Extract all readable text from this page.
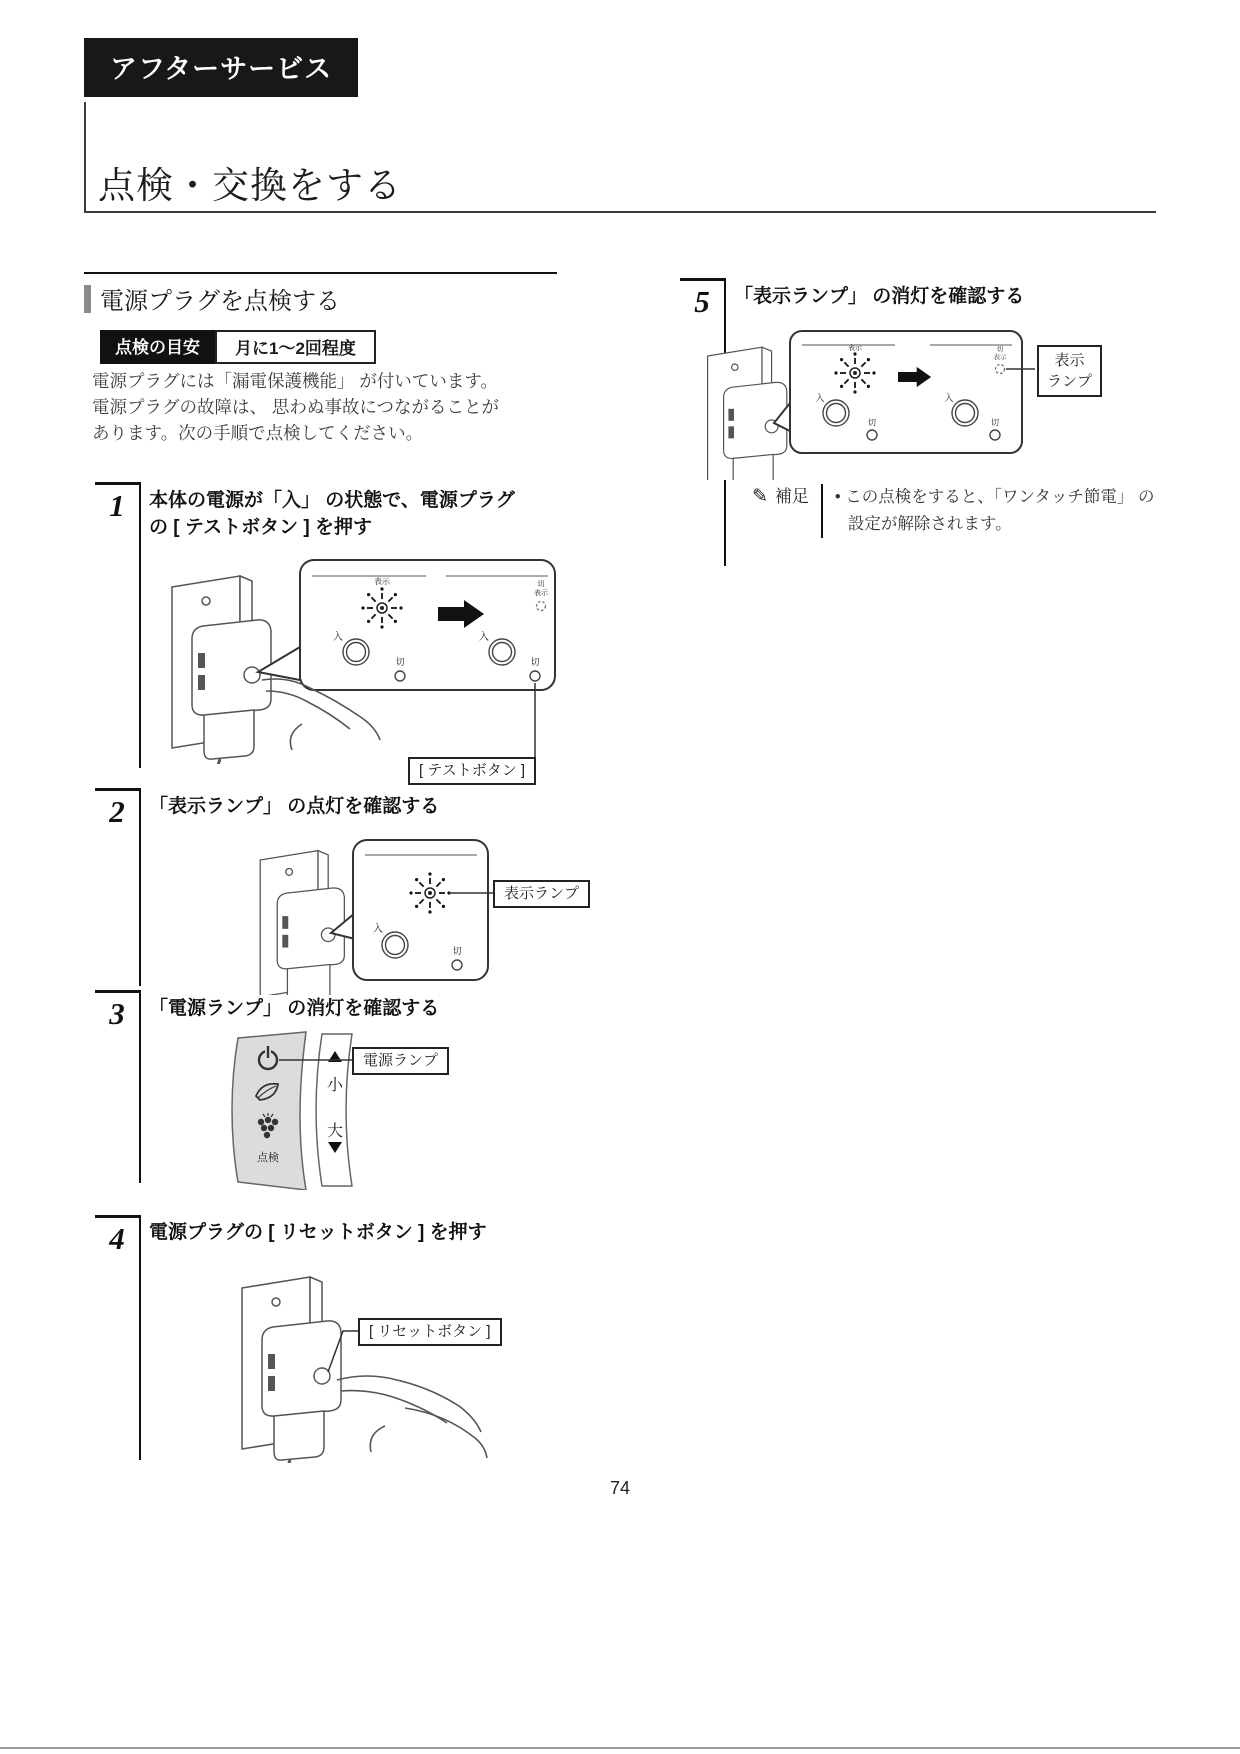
アフターサービス
点検・交換をする
電源プラグを点検する
点検の目安	月に1～2回程度
電源プラグには「漏電保護機能」 が付いています。
電源プラグの故障は、 思わぬ事故につながることが
あります。次の手順で点検してください。
1	本体の電源が「入」 の状態で、電源プラグ
の [ テストボタン ] を押す
表示
入
切
入
切
表示
切
[ テストボタン ]
2	「表示ランプ」 の点灯を確認する
入
切
表示ランプ
3	「電源ランプ」 の消灯を確認する
点検
小
大
電源ランプ
4	電源プラグの [ リセットボタン ] を押す
[ リセットボタン ]
5	「表示ランプ」 の消灯を確認する
表示
入
切
入
切
表示
切
表示
ランプ
✎ 補足 • この点検をすると、「ワンタッチ節電」 の
設定が解除されます。
74
